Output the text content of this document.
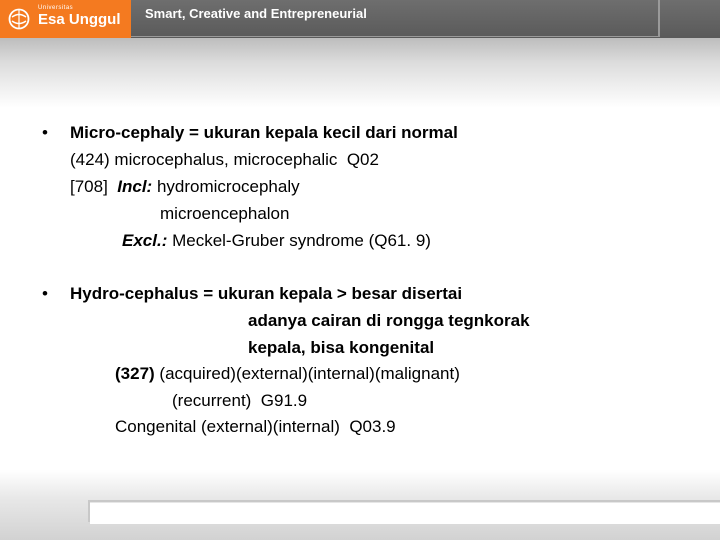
Universitas
Esa Unggul Smart, Creative and Entrepreneurial
• Micro-cephaly = ukuran kepala kecil dari normal
(424) microcephalus, microcephalic  Q02
[708]  Incl: hydromicrocephaly
microencephalon
Excl.: Meckel-Gruber syndrome (Q61. 9)
• Hydro-cephalus = ukuran kepala > besar disertai
adanya cairan di rongga tegnkorak
kepala, bisa kongenital
(327) (acquired)(external)(internal)(malignant)
(recurrent)  G91.9
Congenital (external)(internal)  Q03.9
